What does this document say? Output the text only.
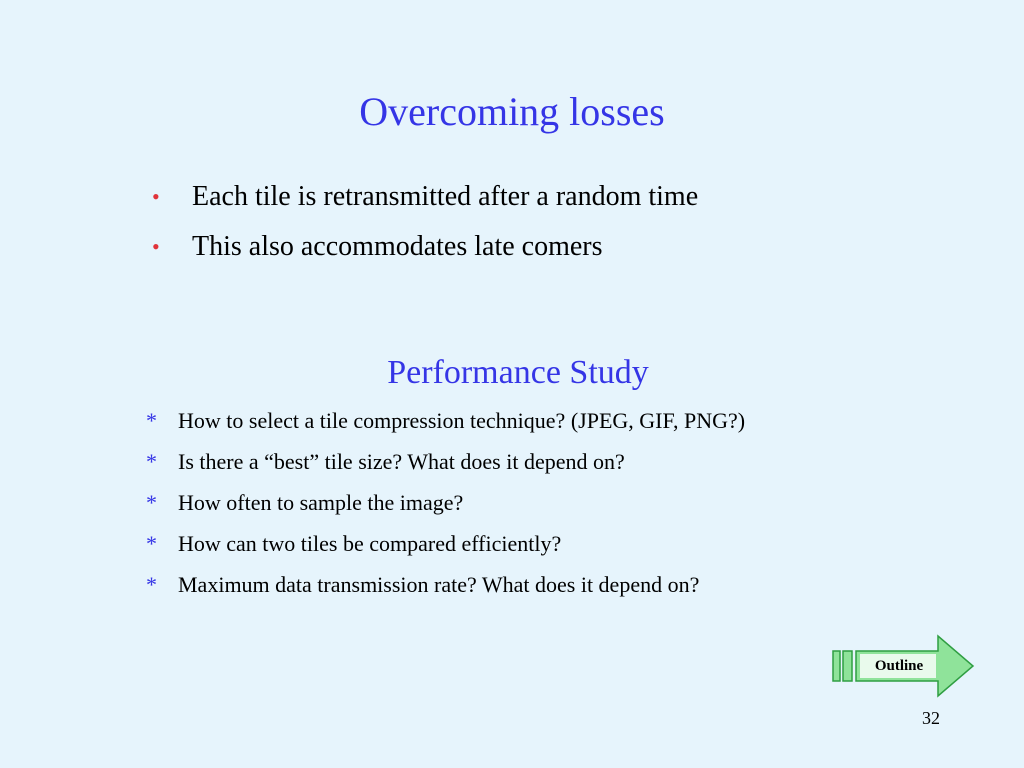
Overcoming losses
• Each tile is retransmitted after a random time
• This also accommodates late comers
Performance Study
* How to select a tile compression technique? (JPEG, GIF, PNG?)
* Is there a “best” tile size? What does it depend on?
* How often to sample the image?
* How can two tiles be compared efficiently?
* Maximum data transmission rate? What does it depend on?
Outline
32
